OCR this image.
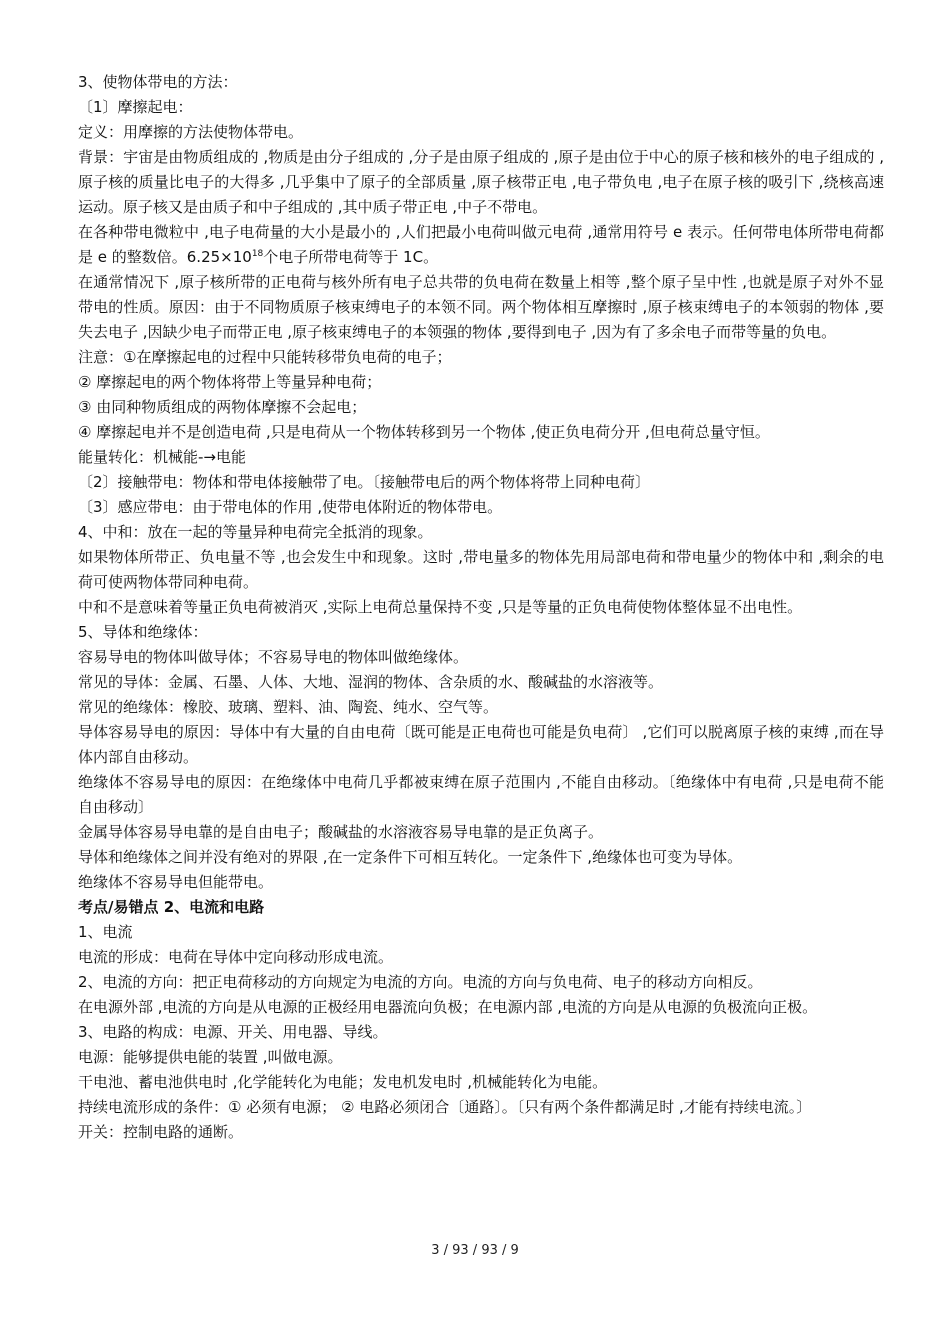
3、使物体带电的方法：

〔1〕摩擦起电：

定义：用摩擦的方法使物体带电。

背景：宇宙是由物质组成的 ,物质是由分子组成的 ,分子是由原子组成的 ,原子是由位于中心的原子核和核外的电子组成的 ,原子核的质量比电子的大得多 ,几乎集中了原子的全部质量 ,原子核带正电 ,电子带负电 ,电子在原子核的吸引下 ,绕核高速运动。原子核又是由质子和中子组成的 ,其中质子带正电 ,中子不带电。

在各种带电微粒中 ,电子电荷量的大小是最小的 ,人们把最小电荷叫做元电荷 ,通常用符号 e 表示。任何带电体所带电荷都是 e 的整数倍。$6.25\times 10^{18}$个电子所带电荷等于 1C。

在通常情况下 ,原子核所带的正电荷与核外所有电子总共带的负电荷在数量上相等 ,整个原子呈中性 ,也就是原子对外不显带电的性质。原因：由于不同物质原子核束缚电子的本领不同。两个物体相互摩擦时 ,原子核束缚电子的本领弱的物体 ,要失去电子 ,因缺少电子而带正电 ,原子核束缚电子的本领强的物体 ,要得到电子 ,因为有了多余电子而带等量的负电。

注意：①在摩擦起电的过程中只能转移带负电荷的电子；

② 摩擦起电的两个物体将带上等量异种电荷；

③ 由同种物质组成的两物体摩擦不会起电；

④ 摩擦起电并不是创造电荷 ,只是电荷从一个物体转移到另一个物体 ,使正负电荷分开 ,但电荷总量守恒。

能量转化：机械能-→电能

〔2〕接触带电：物体和带电体接触带了电。〔接触带电后的两个物体将带上同种电荷〕

〔3〕感应带电：由于带电体的作用 ,使带电体附近的物体带电。

4、中和：放在一起的等量异种电荷完全抵消的现象。

如果物体所带正、负电量不等 ,也会发生中和现象。这时 ,带电量多的物体先用局部电荷和带电量少的物体中和 ,剩余的电荷可使两物体带同种电荷。

中和不是意味着等量正负电荷被消灭 ,实际上电荷总量保持不变 ,只是等量的正负电荷使物体整体显不出电性。

5、导体和绝缘体：

容易导电的物体叫做导体；不容易导电的物体叫做绝缘体。

常见的导体：金属、石墨、人体、大地、湿润的物体、含杂质的水、酸碱盐的水溶液等。

常见的绝缘体：橡胶、玻璃、塑料、油、陶瓷、纯水、空气等。

导体容易导电的原因：导体中有大量的自由电荷〔既可能是正电荷也可能是负电荷〕 ,它们可以脱离原子核的束缚 ,而在导体内部自由移动。

绝缘体不容易导电的原因：在绝缘体中电荷几乎都被束缚在原子范围内 ,不能自由移动。〔绝缘体中有电荷 ,只是电荷不能自由移动〕

金属导体容易导电靠的是自由电子；酸碱盐的水溶液容易导电靠的是正负离子。

导体和绝缘体之间并没有绝对的界限 ,在一定条件下可相互转化。一定条件下 ,绝缘体也可变为导体。

绝缘体不容易导电但能带电。

考点/易错点 2、电流和电路

1、电流

电流的形成：电荷在导体中定向移动形成电流。

2、电流的方向：把正电荷移动的方向规定为电流的方向。电流的方向与负电荷、电子的移动方向相反。

在电源外部 ,电流的方向是从电源的正极经用电器流向负极；在电源内部 ,电流的方向是从电源的负极流向正极。

3、电路的构成：电源、开关、用电器、导线。

电源：能够提供电能的装置 ,叫做电源。

干电池、蓄电池供电时 ,化学能转化为电能；发电机发电时 ,机械能转化为电能。

持续电流形成的条件：① 必须有电源； ② 电路必须闭合〔通路〕。〔只有两个条件都满足时 ,才能有持续电流。〕

开关：控制电路的通断。

3 / 93 / 93 / 9
